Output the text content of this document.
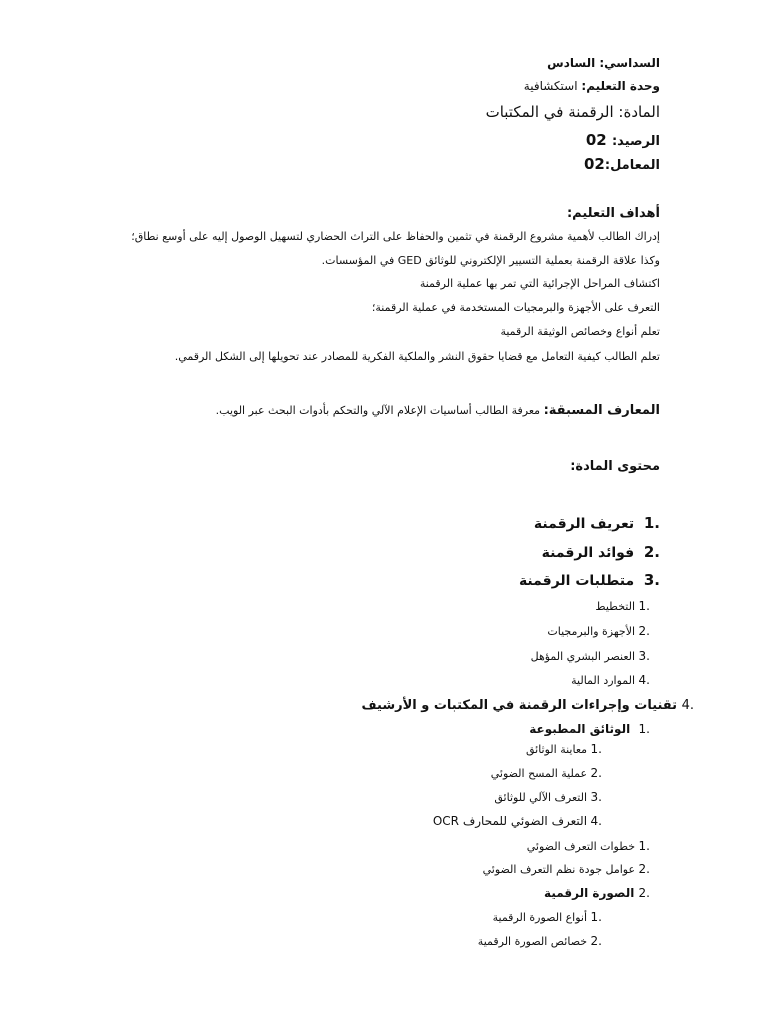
السداسي: السادس
وحدة التعليم: استكشافية
المادة: الرقمنة في المكتبات
الرصيد: 02
المعامل:02
أهداف التعليم:
إدراك الطالب لأهمية مشروع الرقمنة في تثمين والحفاظ على التراث الحضاري لتسهيل الوصول إليه على أوسع نطاق؛
وكذا علاقة الرقمنة بعملية التسيير الإلكتروني للوثائق GED في المؤسسات.
اكتشاف المراحل الإجرائية التي تمر بها عملية الرقمنة
التعرف على الأجهزة والبرمجيات المستخدمة في عملية الرقمنة؛
تعلم أنواع وخصائص الوثيقة الرقمية
تعلم الطالب كيفية التعامل مع قضايا حقوق النشر والملكية الفكرية للمصادر عند تحويلها إلى الشكل الرقمي.
المعارف المسبقة: معرفة الطالب أساسيات الإعلام الآلي والتحكم بأدوات البحث عبر الويب.
محتوى المادة:
1.  تعريف الرقمنة
2.  فوائد الرقمنة
3.  متطلبات الرقمنة
1. التخطيط
2. الأجهزة والبرمجيات
3. العنصر البشري المؤهل
4. الموارد المالية
4. تقنيات وإجراءات الرقمنة في المكتبات و الأرشيف
1.  الوثائق المطبوعة
1. معاينة الوثائق
2. عملية المسح الضوئي
3. التعرف الآلي للوثائق
4. التعرف الضوئي للمحارف OCR
1. خطوات التعرف الضوئي
2. عوامل جودة نظم التعرف الضوئي
2. الصورة الرقمية
1. أنواع الصورة الرقمية
2. خصائص الصورة الرقمية
